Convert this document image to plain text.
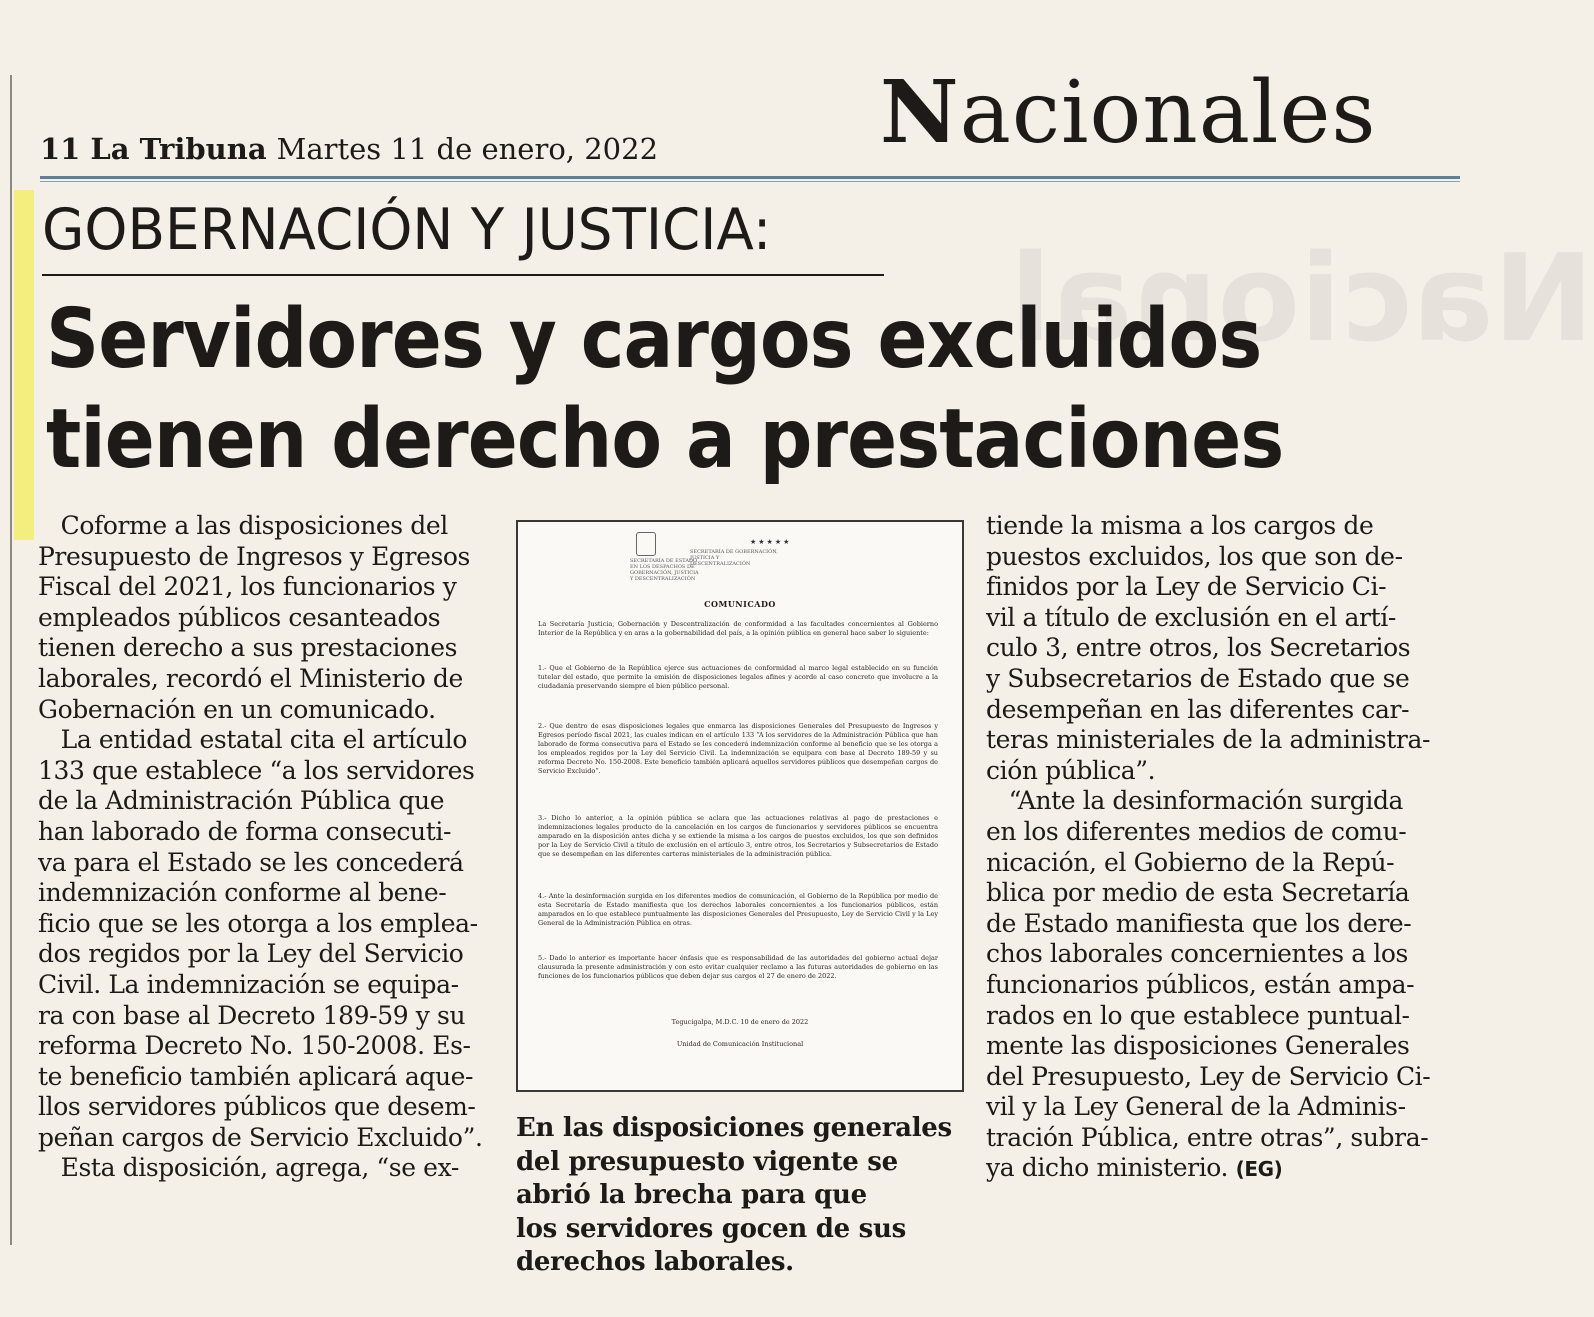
Nacional
11 La Tribuna Martes 11 de enero, 2022	Nacionales
GOBERNACIÓN Y JUSTICIA:
Servidores y cargos excluidos
tienen derecho a prestaciones
Coforme a las disposiciones del
Presupuesto de Ingresos y Egresos
Fiscal del 2021, los funcionarios y
empleados públicos cesanteados
tienen derecho a sus prestaciones
laborales, recordó el Ministerio de
Gobernación en un comunicado.
La entidad estatal cita el artículo
133 que establece “a los servidores
de la Administración Pública que
han laborado de forma consecuti-
va para el Estado se les concederá
indemnización conforme al bene-
ficio que se les otorga a los emplea-
dos regidos por la Ley del Servicio
Civil. La indemnización se equipa-
ra con base al Decreto 189-59 y su
reforma Decreto No. 150-2008. Es-
te beneficio también aplicará aque-
llos servidores públicos que desem-
peñan cargos de Servicio Excluido”.
Esta disposición, agrega, “se ex-
SECRETARÍA DE ESTADO EN LOS DESPACHOS DE GOBERNACIÓN, JUSTICIA Y DESCENTRALIZACIÓN
SECRETARÍA DE GOBERNACIÓN, JUSTICIA Y DESCENTRALIZACIÓN
★★★★★
COMUNICADO
La Secretaría Justicia, Gobernación y Descentralización de conformidad a las facultades concernientes al Gobierno Interior de la República y en aras a la gobernabilidad del país, a la opinión pública en general hace saber lo siguiente:
1.- Que el Gobierno de la República ejerce sus actuaciones de conformidad al marco legal establecido en su función tutelar del estado, que permite la emisión de disposiciones legales afines y acorde al caso concreto que involucre a la ciudadanía preservando siempre el bien público personal.
2.- Que dentro de esas disposiciones legales que enmarca las disposiciones Generales del Presupuesto de Ingresos y Egresos período fiscal 2021, las cuales indican en el artículo 133 “A los servidores de la Administración Pública que han laborado de forma consecutiva para el Estado se les concederá indemnización conforme al beneficio que se les otorga a los empleados regidos por la Ley del Servicio Civil. La indemnización se equipara con base al Decreto 189-59 y su reforma Decreto No. 150-2008. Este beneficio también aplicará aquellos servidores públicos que desempeñan cargos de Servicio Excluido”.
3.- Dicho lo anterior, a la opinión pública se aclara que las actuaciones relativas al pago de prestaciones e indemnizaciones legales producto de la cancelación en los cargos de funcionarios y servidores públicos se encuentra amparado en la disposición antes dicha y se extiende la misma a los cargos de puestos excluidos, los que son definidos por la Ley de Servicio Civil a título de exclusión en el artículo 3, entre otros, los Secretarios y Subsecretarios de Estado que se desempeñan en las diferentes carteras ministeriales de la administración pública.
4.- Ante la desinformación surgida en los diferentes medios de comunicación, el Gobierno de la República por medio de esta Secretaría de Estado manifiesta que los derechos laborales concernientes a los funcionarios públicos, están amparados en lo que establece puntualmente las disposiciones Generales del Presupuesto, Ley de Servicio Civil y la Ley General de la Administración Pública en otras.
5.- Dado lo anterior es importante hacer énfasis que es responsabilidad de las autoridades del gobierno actual dejar clausurada la presente administración y con esto evitar cualquier reclamo a las futuras autoridades de gobierno en las funciones de los funcionarios públicos que deben dejar sus cargos el 27 de enero de 2022.
Tegucigalpa, M.D.C. 10 de enero de 2022
Unidad de Comunicación Institucional
En las disposiciones generales
del presupuesto vigente se
abrió la brecha para que
los servidores gocen de sus
derechos laborales.
tiende la misma a los cargos de
puestos excluidos, los que son de-
finidos por la Ley de Servicio Ci-
vil a título de exclusión en el artí-
culo 3, entre otros, los Secretarios
y Subsecretarios de Estado que se
desempeñan en las diferentes car-
teras ministeriales de la administra-
ción pública”.
“Ante la desinformación surgida
en los diferentes medios de comu-
nicación, el Gobierno de la Repú-
blica por medio de esta Secretaría
de Estado manifiesta que los dere-
chos laborales concernientes a los
funcionarios públicos, están ampa-
rados en lo que establece puntual-
mente las disposiciones Generales
del Presupuesto, Ley de Servicio Ci-
vil y la Ley General de la Adminis-
tración Pública, entre otras”, subra-
ya dicho ministerio. (EG)
